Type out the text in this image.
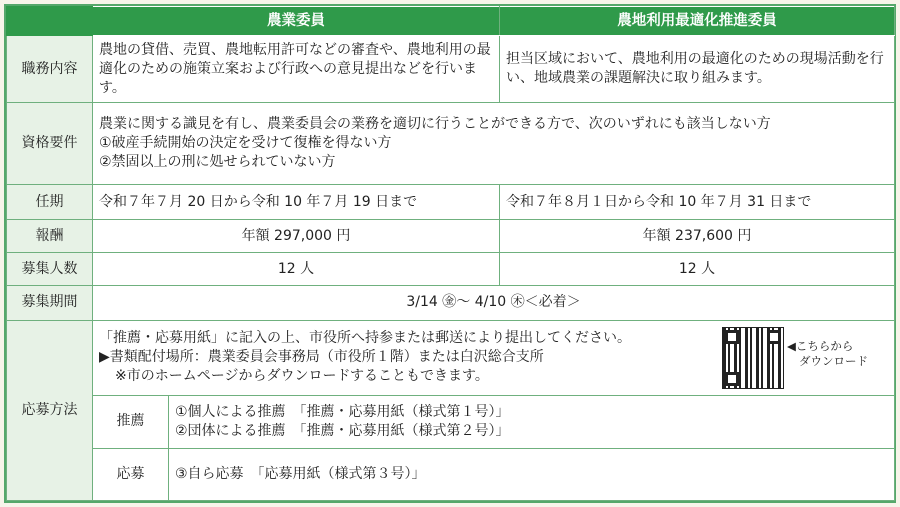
	農業委員		農地利用最適化推進委員
職務内容	農地の貸借、売買、農地転用許可などの審査や、農地利用の最適化のための施策立案および行政への意見提出などを行います。		担当区域において、農地利用の最適化のための現場活動を行い、地域農業の課題解決に取り組みます。
資格要件	農業に関する識見を有し、農業委員会の業務を適切に行うことができる方で、次のいずれにも該当しない方
①破産手続開始の決定を受けて復権を得ない方
②禁固以上の刑に処せられていない方		

任期	令和７年７月 20 日から令和 10 年７月 19 日まで		令和７年８月１日から令和 10 年７月 31 日まで
報酬	年額 297,000 円		年額 237,600 円
募集人数	12 人		12 人
募集期間	3/14 ㊎～ 4/10 ㊍＜必着＞		
応募方法	「推薦・応募用紙」に記入の上、市役所へ持参または郵送により提出してください。
▶書類配付場所：農業委員会事務局（市役所１階）または白沢総合支所
※市のホームページからダウンロードすることもできます。
◀こちらから
ダウンロード		

	推薦	①個人による推薦　「推薦・応募用紙（様式第１号）」
②団体による推薦　「推薦・応募用紙（様式第２号）」	

	応募	③自ら応募　「応募用紙（様式第３号）」	
